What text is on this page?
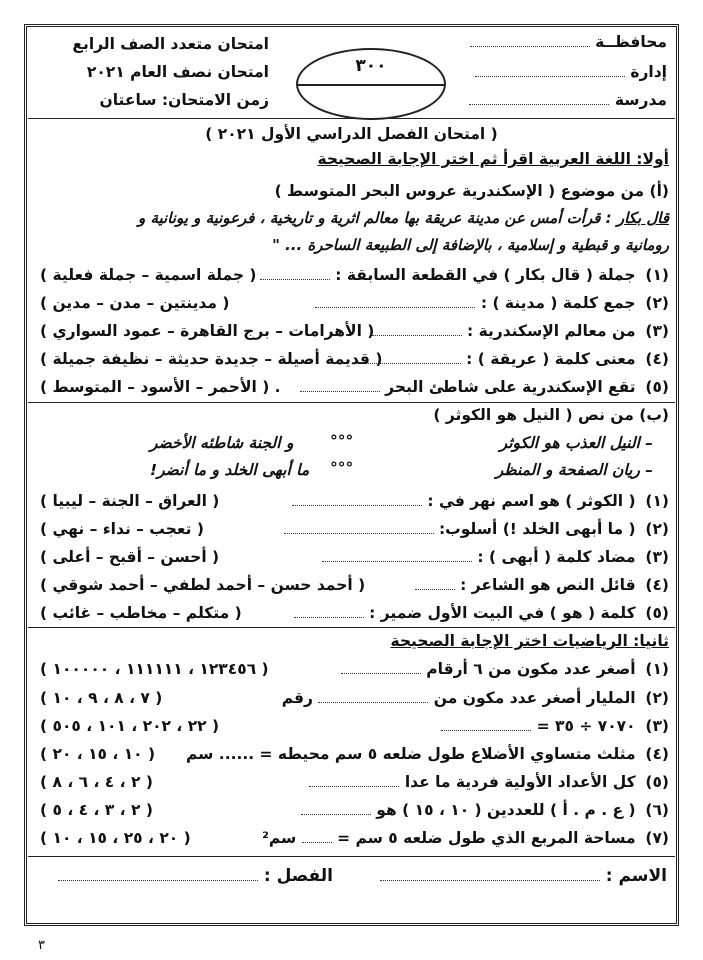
محافظــة
إدارة
مدرسة
٣٠٠
امتحان متعدد الصف الرابع
امتحان نصف العام ٢٠٢١
زمن الامتحان: ساعتان
( امتحان الفصل الدراسي الأول ٢٠٢١ )
أولا: اللغة العربية اقرأ ثم اختر الإجابة الصحيحة
(أ) من موضوع ( الإسكندرية عروس البحر المتوسط )
قال بكار : قرأت أمس عن مدينة عريقة بها معالم اثرية و تاريخية ، فرعونية و يونانية و
رومانية و قبطية و إسلامية ، بالإضافة إلى الطبيعة الساحرة ... "
(١) جملة ( قال بكار ) في القطعة السابقة :
( جملة اسمية – جملة فعلية )
(٢) جمع كلمة ( مدينة ) :
( مدينتين – مدن – مدين )
(٣) من معالم الإسكندرية :
( الأهرامات – برج القاهرة – عمود السواري )
(٤) معنى كلمة ( عريقة ) :
( قديمة أصيلة – جديدة حديثة – نظيفة جميلة )
(٥) تقع الإسكندرية على شاطئ البحر
. ( الأحمر – الأسود – المتوسط )
(ب) من نص ( النيل هو الكوثر )
– النيل العذب هو الكوثر
°°°
و الجنة شاطئه الأخضر
– ريان الصفحة و المنظر
°°°
ما أبهى الخلد و ما أنضر!
(١) ( الكوثر ) هو اسم نهر في :
( العراق – الجنة – ليبيا )
(٢) ( ما أبهى الخلد !) أسلوب:
( تعجب – نداء – نهي )
(٣) مضاد كلمة ( أبهى ) :
( أحسن – أقبح – أعلى )
(٤) قائل النص هو الشاعر :
( أحمد حسن – أحمد لطفي – أحمد شوقي )
(٥) كلمة ( هو ) في البيت الأول ضمير :
( متكلم – مخاطب – غائب )
ثانيا: الرياضيات اختر الإجابة الصحيحة
(١) أصغر عدد مكون من ٦ أرقام
( ١٢٣٤٥٦ ، ١١١١١١ ، ١٠٠٠٠٠ )
(٢) المليار أصغر عدد مكون من  رقم
( ٧ ، ٨ ، ٩ ، ١٠ )
(٣) ٧٠٧٠ ÷ ٣٥ =
( ٢٢ ، ٢٠٢ ، ١٠١ ، ٥٠٥ )
(٤) مثلث متساوي الأضلاع طول ضلعه ٥ سم محيطه = ...... سم
( ١٠ ، ١٥ ، ٢٠ )
(٥) كل الأعداد الأولية فردية ما عدا
( ٢ ، ٤ ، ٦ ، ٨ )
(٦) ( ع . م . أ ) للعددين ( ١٠ ، ١٥ ) هو
( ٢ ، ٣ ، ٤ ، ٥ )
(٧) مساحة المربع الذي طول ضلعه ٥ سم =  سم²
( ٢٠ ، ٢٥ ، ١٥ ، ١٠ )
الاسم :
الفصل :
٣
